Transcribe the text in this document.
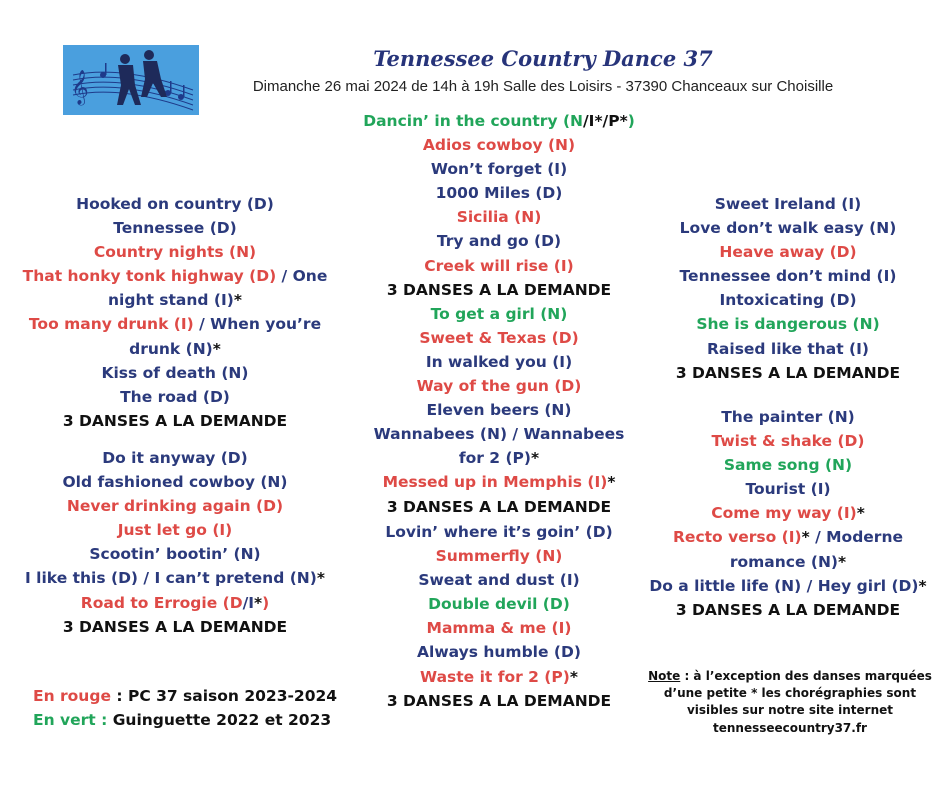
𝄞
Tennessee Country Dance 37
Dimanche 26 mai 2024 de 14h à 19h Salle des Loisirs - 37390 Chanceaux sur Choisille
Hooked on country (D)
Tennessee (D)
Country nights (N)
That honky tonk highway (D) / One
night stand (I)*
Too many drunk (I) / When you’re
drunk (N)*
Kiss of death (N)
The road (D)
3 DANSES A LA DEMANDE
Do it anyway (D)
Old fashioned cowboy (N)
Never drinking again (D)
Just let go (I)
Scootin’ bootin’ (N)
I like this (D) / I can’t pretend (N)*
Road to Errogie (D/I*)
3 DANSES A LA DEMANDE
Dancin’ in the country (N/I*/P*)
Adios cowboy (N)
Won’t forget (I)
1000 Miles (D)
Sicilia (N)
Try and go (D)
Creek will rise (I)
3 DANSES A LA DEMANDE
To get a girl (N)
Sweet & Texas (D)
In walked you (I)
Way of the gun (D)
Eleven beers (N)
Wannabees (N) / Wannabees
for 2 (P)*
Messed up in Memphis (I)*
3 DANSES A LA DEMANDE
Lovin’ where it’s goin’ (D)
Summerfly (N)
Sweat and dust (I)
Double devil (D)
Mamma & me (I)
Always humble (D)
Waste it for 2 (P)*
3 DANSES A LA DEMANDE
Sweet Ireland (I)
Love don’t walk easy (N)
Heave away (D)
Tennessee don’t mind (I)
Intoxicating (D)
She is dangerous (N)
Raised like that (I)
3 DANSES A LA DEMANDE
The painter (N)
Twist & shake (D)
Same song (N)
Tourist (I)
Come my way (I)*
Recto verso (I)* / Moderne
romance (N)*
Do a little life (N) / Hey girl (D)*
3 DANSES A LA DEMANDE
En rouge : PC 37 saison 2023-2024
En vert : Guinguette 2022 et 2023
Note : à l’exception des danses marquées
d’une petite * les chorégraphies sont
visibles sur notre site internet
tennesseecountry37.fr
